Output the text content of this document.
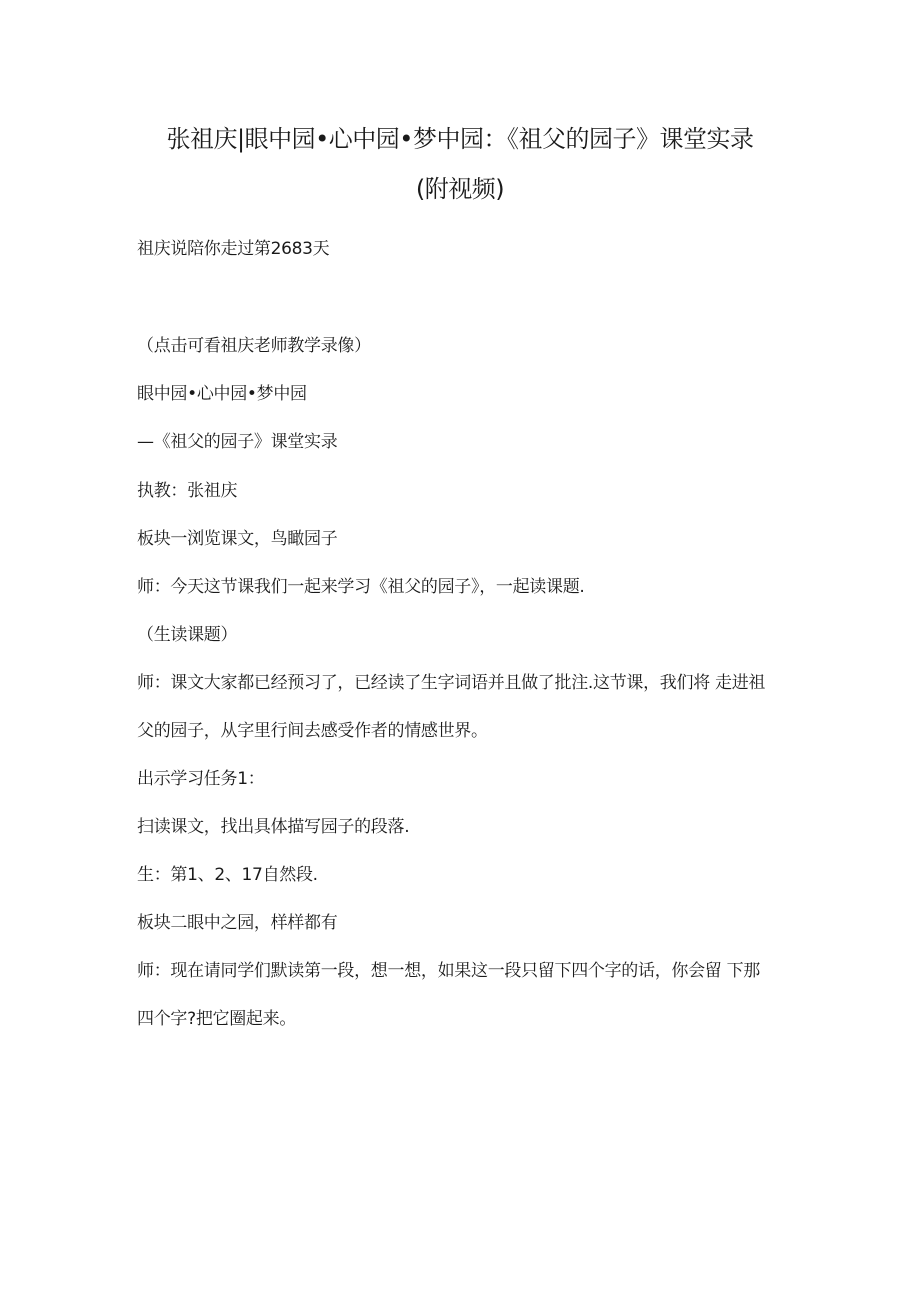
张祖庆|眼中园•心中园•梦中园：《祖父的园子》课堂实录
(附视频)
祖庆说陪你走过第2683天
（点击可看祖庆老师教学录像）
眼中园•心中园•梦中园
—《祖父的园子》课堂实录
执教：张祖庆
板块一浏览课文，鸟瞰园子
师：今天这节课我们一起来学习《祖父的园子》，一起读课题.
（生读课题）
师：课文大家都已经预习了，已经读了生字词语并且做了批注.这节课，我们将 走进祖
父的园子，从字里行间去感受作者的情感世界。
出示学习任务1：
扫读课文，找出具体描写园子的段落.
生：第1、2、17自然段.
板块二眼中之园，样样都有
师：现在请同学们默读第一段，想一想，如果这一段只留下四个字的话，你会留 下那
四个字?把它圈起来。
